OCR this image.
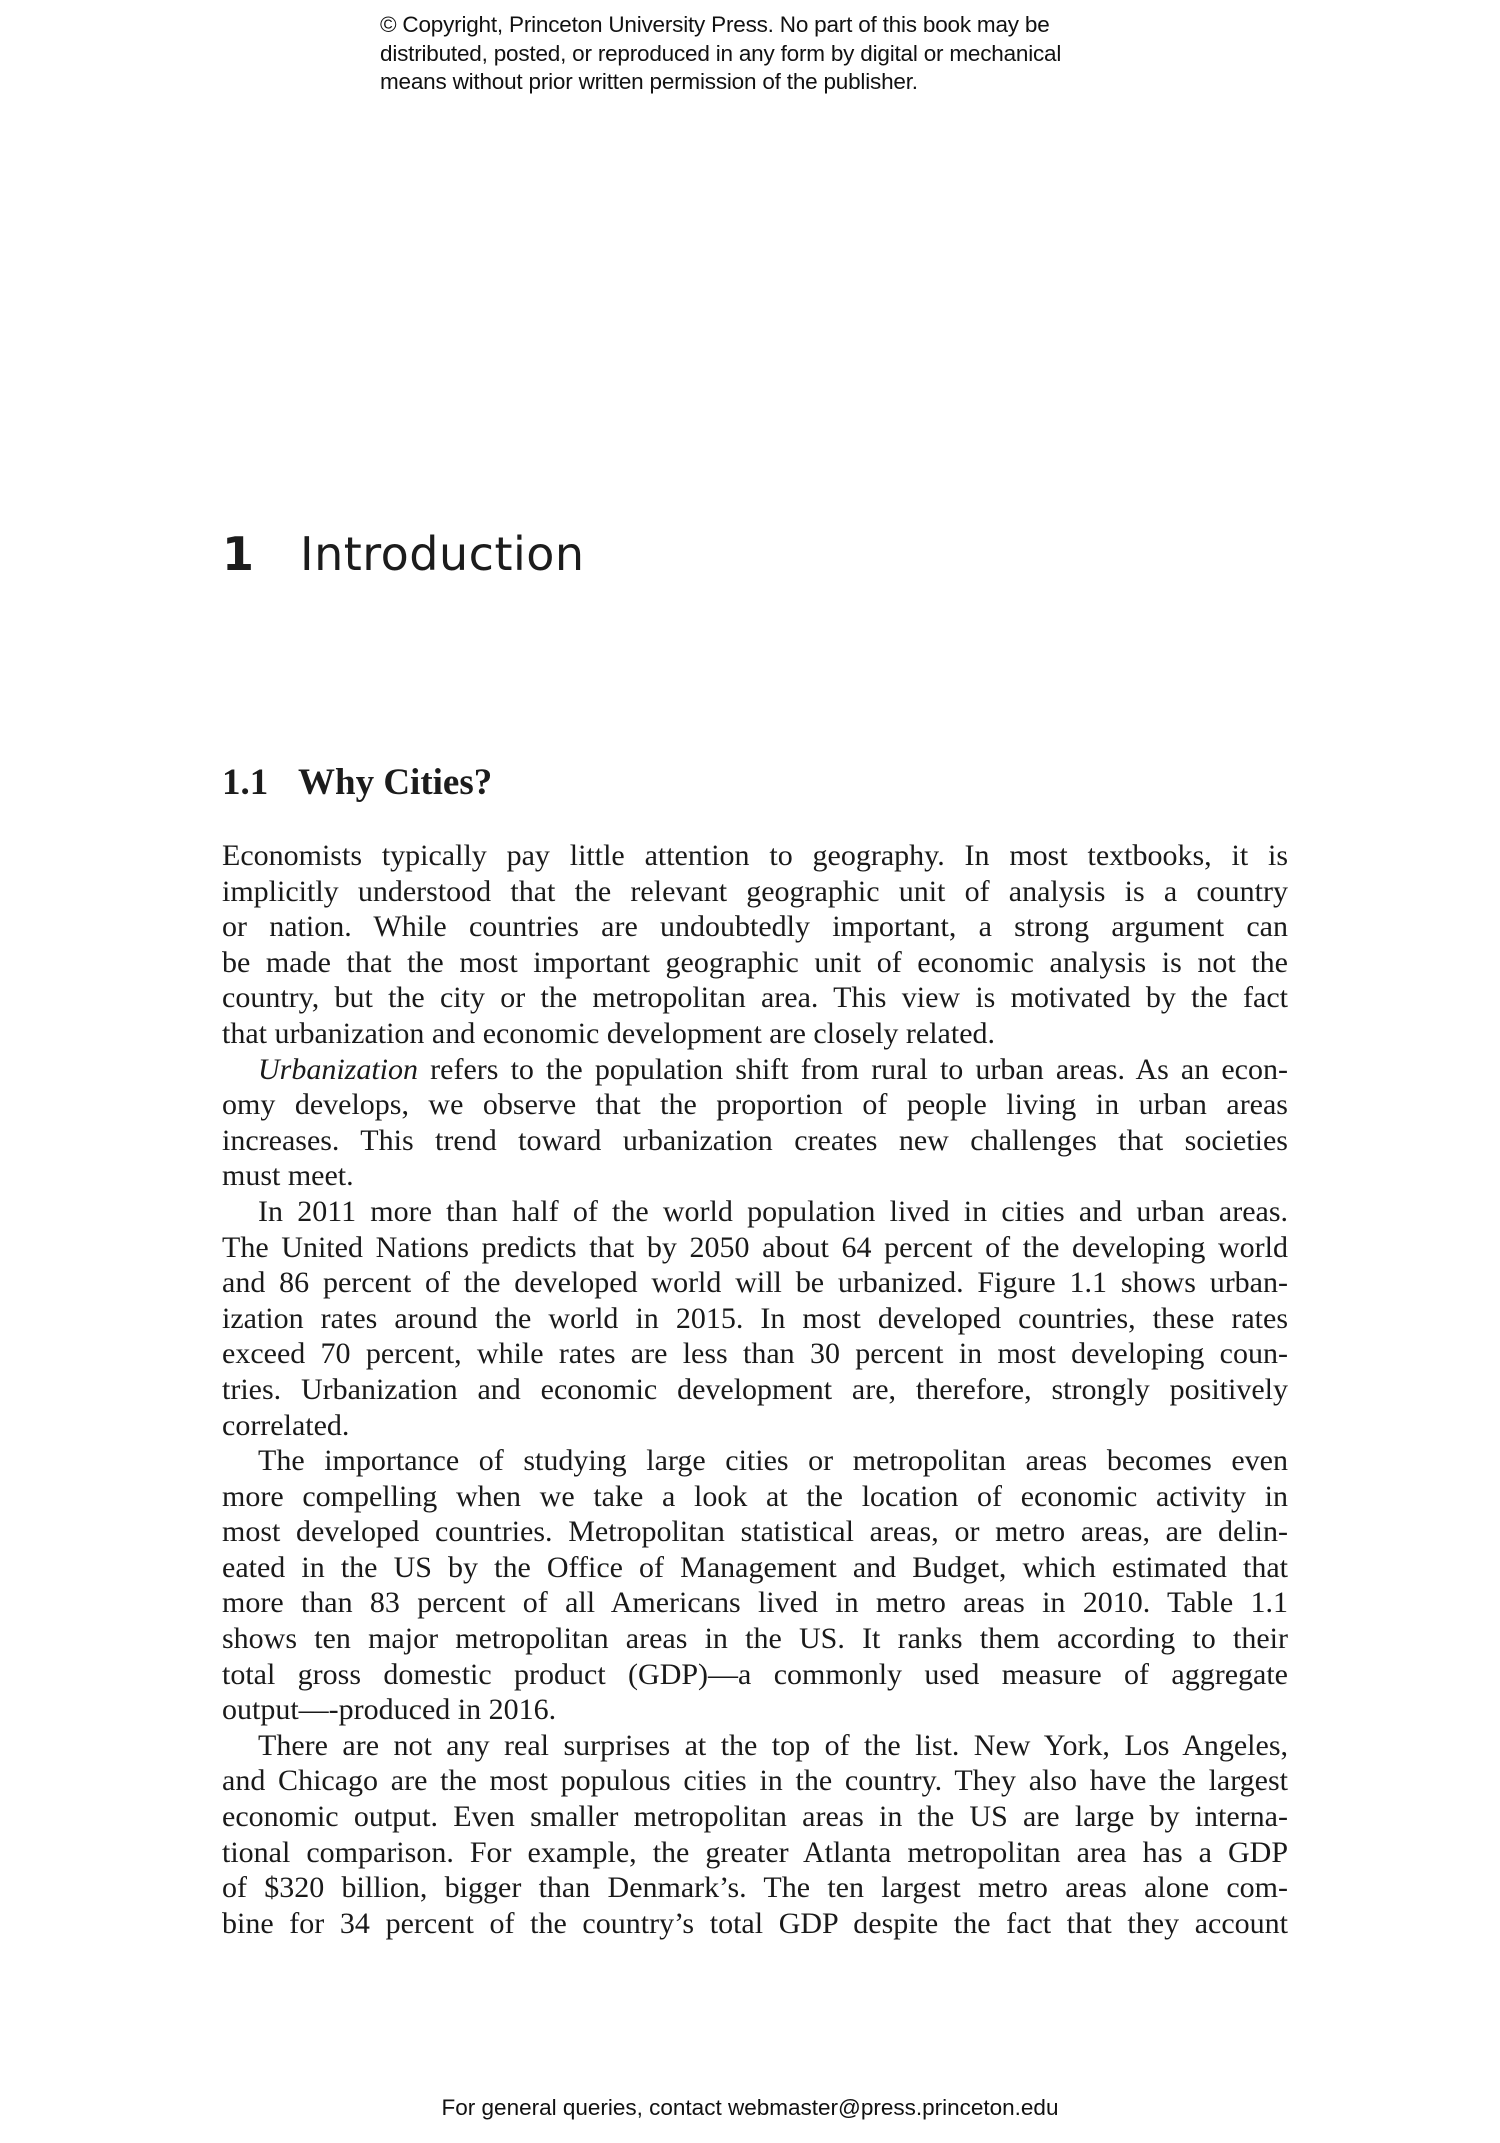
© Copyright, Princeton University Press. No part of this book may be
distributed, posted, or reproduced in any form by digital or mechanical
means without prior written permission of the publisher.
1 Introduction
1.1 Why Cities?
Economists typically pay little attention to geography. In most textbooks, it is
implicitly understood that the relevant geographic unit of analysis is a country
or nation. While countries are undoubtedly important, a strong argument can
be made that the most important geographic unit of economic analysis is not the
country, but the city or the metropolitan area. This view is motivated by the fact
that urbanization and economic development are closely related.
Urbanization refers to the population shift from rural to urban areas. As an econ-
omy develops, we observe that the proportion of people living in urban areas
increases. This trend toward urbanization creates new challenges that societies
must meet.
In 2011 more than half of the world population lived in cities and urban areas.
The United Nations predicts that by 2050 about 64 percent of the developing world
and 86 percent of the developed world will be urbanized. Figure 1.1 shows urban-
ization rates around the world in 2015. In most developed countries, these rates
exceed 70 percent, while rates are less than 30 percent in most developing coun-
tries. Urbanization and economic development are, therefore, strongly positively
correlated.
The importance of studying large cities or metropolitan areas becomes even
more compelling when we take a look at the location of economic activity in
most developed countries. Metropolitan statistical areas, or metro areas, are delin-
eated in the US by the Office of Management and Budget, which estimated that
more than 83 percent of all Americans lived in metro areas in 2010. Table 1.1
shows ten major metropolitan areas in the US. It ranks them according to their
total gross domestic product (GDP)—a commonly used measure of aggregate
output—-produced in 2016.
There are not any real surprises at the top of the list. New York, Los Angeles,
and Chicago are the most populous cities in the country. They also have the largest
economic output. Even smaller metropolitan areas in the US are large by interna-
tional comparison. For example, the greater Atlanta metropolitan area has a GDP
of $320 billion, bigger than Denmark’s. The ten largest metro areas alone com-
bine for 34 percent of the country’s total GDP despite the fact that they account
For general queries, contact webmaster@press.princeton.edu
